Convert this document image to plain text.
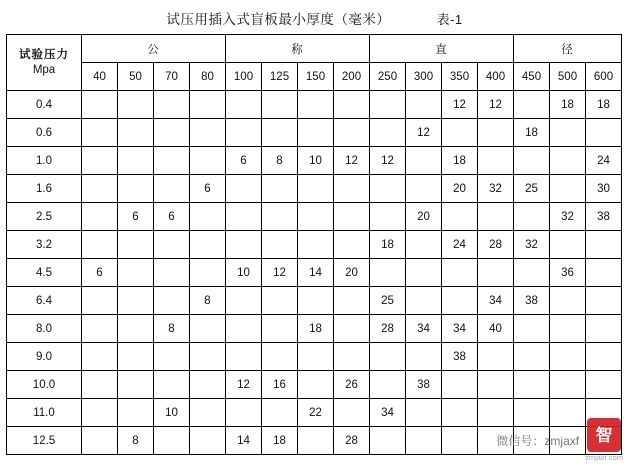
试压用插入式盲板最小厚度（毫米）	表-1
试验压力
Mpa	公				称				直				径		
	40	50	70	80	100	125	150	200	250	300	350	400	450	500	600
0.4											12	12		18	18
0.6										12			18		
1.0					6	8	10	12	12		18				24
1.6				6							20	32	25		30
2.5		6	6							20				32	38
3.2									18		24	28	32		
4.5	6				10	12	14	20						36	
6.4				8					25			34	38		
8.0			8				18		28	34	34	40			
9.0											38				
10.0					12	16		26		38					
11.0			10				22		34						
12.5		8			14	18		28								微信号：zmjaxf 智
zmjaxf.com
